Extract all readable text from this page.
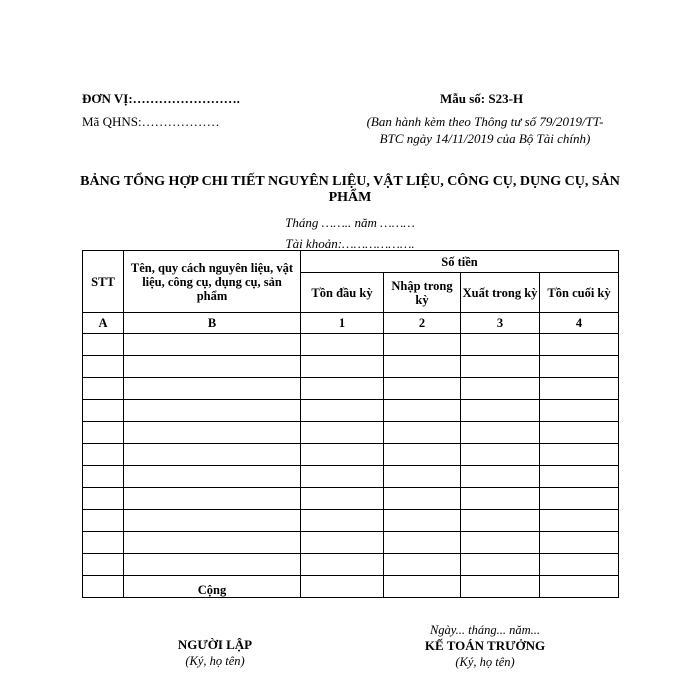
ĐƠN VỊ:…………………….
Mã QHNS:………………
Mẫu số: S23-H
(Ban hành kèm theo Thông tư số 79/2019/TT-
BTC ngày 14/11/2019 của Bộ Tài chính)
BẢNG TỔNG HỢP CHI TIẾT NGUYÊN LIỆU, VẬT LIỆU, CÔNG CỤ, DỤNG CỤ, SẢN
PHẨM
Tháng …….. năm ………
Tài khoản:……………….
STT	Tên, quy cách nguyên liệu, vật liệu, công cụ, dụng cụ, sản phẩm	Số tiền			
		Tồn đầu kỳ	Nhập trong kỳ	Xuất trong kỳ	Tồn cuối kỳ
A	B	1	2	3	4

	Cộng				
NGƯỜI LẬP
(Ký, họ tên)
Ngày... tháng... năm...
KẾ TOÁN TRƯỞNG
(Ký, họ tên)
